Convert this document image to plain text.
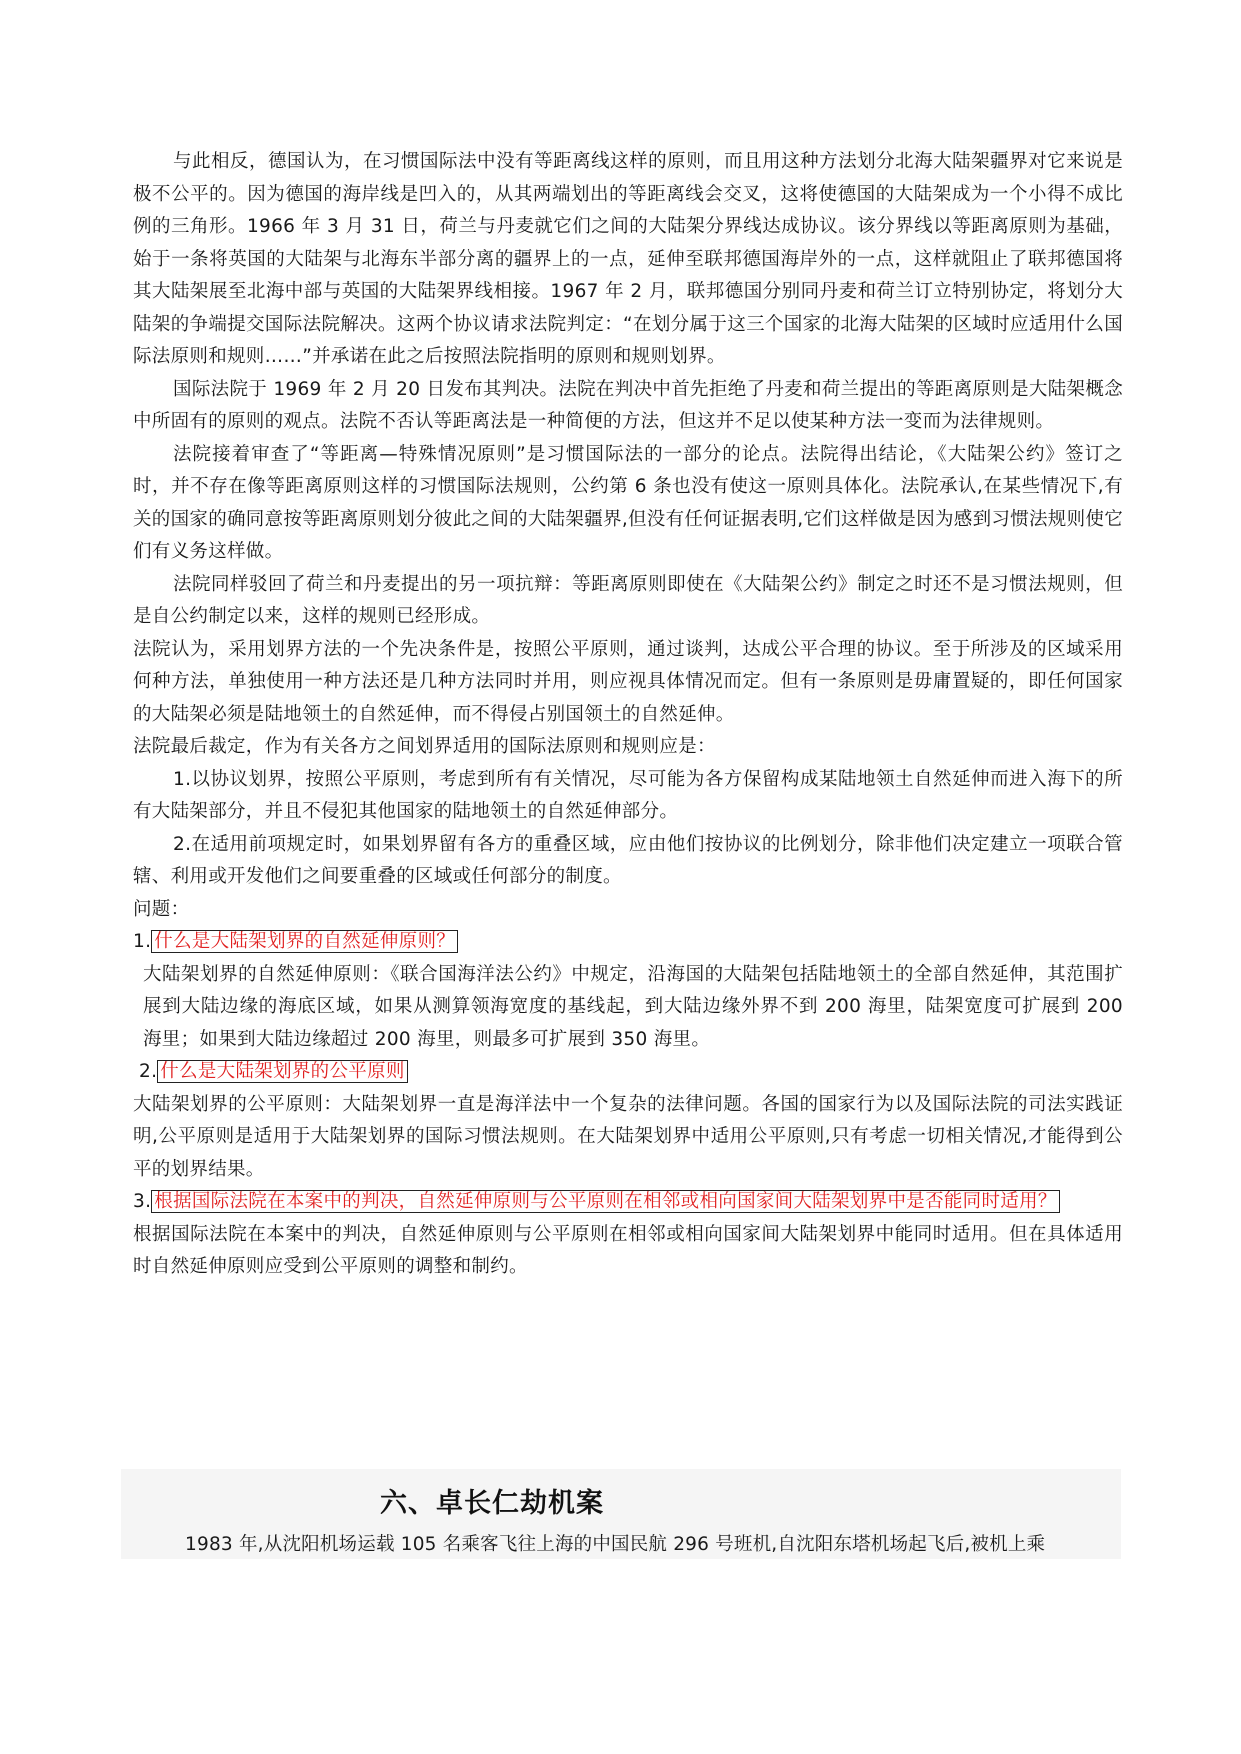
与此相反，德国认为，在习惯国际法中没有等距离线这样的原则，而且用这种方法划分北海大陆架疆界对它来说是极不公平的。因为德国的海岸线是凹入的，从其两端划出的等距离线会交叉，这将使德国的大陆架成为一个小得不成比例的三角形。1966 年 3 月 31 日，荷兰与丹麦就它们之间的大陆架分界线达成协议。该分界线以等距离原则为基础，始于一条将英国的大陆架与北海东半部分离的疆界上的一点，延伸至联邦德国海岸外的一点，这样就阻止了联邦德国将其大陆架展至北海中部与英国的大陆架界线相接。1967 年 2 月，联邦德国分别同丹麦和荷兰订立特别协定，将划分大陆架的争端提交国际法院解决。这两个协议请求法院判定：“在划分属于这三个国家的北海大陆架的区域时应适用什么国际法原则和规则……”并承诺在此之后按照法院指明的原则和规则划界。

国际法院于 1969 年 2 月 20 日发布其判决。法院在判决中首先拒绝了丹麦和荷兰提出的等距离原则是大陆架概念中所固有的原则的观点。法院不否认等距离法是一种简便的方法，但这并不足以使某种方法一变而为法律规则。

法院接着审查了“等距离—特殊情况原则”是习惯国际法的一部分的论点。法院得出结论，《大陆架公约》签订之时，并不存在像等距离原则这样的习惯国际法规则，公约第 6 条也没有使这一原则具体化。法院承认,在某些情况下,有关的国家的确同意按等距离原则划分彼此之间的大陆架疆界,但没有任何证据表明,它们这样做是因为感到习惯法规则使它们有义务这样做。

法院同样驳回了荷兰和丹麦提出的另一项抗辩：等距离原则即使在《大陆架公约》制定之时还不是习惯法规则，但是自公约制定以来，这样的规则已经形成。

法院认为，采用划界方法的一个先决条件是，按照公平原则，通过谈判，达成公平合理的协议。至于所涉及的区域采用何种方法，单独使用一种方法还是几种方法同时并用，则应视具体情况而定。但有一条原则是毋庸置疑的，即任何国家的大陆架必须是陆地领土的自然延伸，而不得侵占别国领土的自然延伸。

法院最后裁定，作为有关各方之间划界适用的国际法原则和规则应是：

1.以协议划界，按照公平原则，考虑到所有有关情况，尽可能为各方保留构成某陆地领土自然延伸而进入海下的所有大陆架部分，并且不侵犯其他国家的陆地领土的自然延伸部分。

2.在适用前项规定时，如果划界留有各方的重叠区域，应由他们按协议的比例划分，除非他们决定建立一项联合管辖、利用或开发他们之间要重叠的区域或任何部分的制度。

问题：

1. 什么是大陆架划界的自然延伸原则？

大陆架划界的自然延伸原则：《联合国海洋法公约》中规定，沿海国的大陆架包括陆地领土的全部自然延伸，其范围扩展到大陆边缘的海底区域，如果从测算领海宽度的基线起，到大陆边缘外界不到 200 海里，陆架宽度可扩展到 200 海里；如果到大陆边缘超过 200 海里，则最多可扩展到 350 海里。

2. 什么是大陆架划界的公平原则

大陆架划界的公平原则：大陆架划界一直是海洋法中一个复杂的法律问题。各国的国家行为以及国际法院的司法实践证明,公平原则是适用于大陆架划界的国际习惯法规则。在大陆架划界中适用公平原则,只有考虑一切相关情况,才能得到公平的划界结果。

3. 根据国际法院在本案中的判决，自然延伸原则与公平原则在相邻或相向国家间大陆架划界中是否能同时适用？

根据国际法院在本案中的判决，自然延伸原则与公平原则在相邻或相向国家间大陆架划界中能同时适用。但在具体适用时自然延伸原则应受到公平原则的调整和制约。

六、卓长仁劫机案

1983 年,从沈阳机场运载 105 名乘客飞往上海的中国民航 296 号班机,自沈阳东塔机场起飞后,被机上乘
